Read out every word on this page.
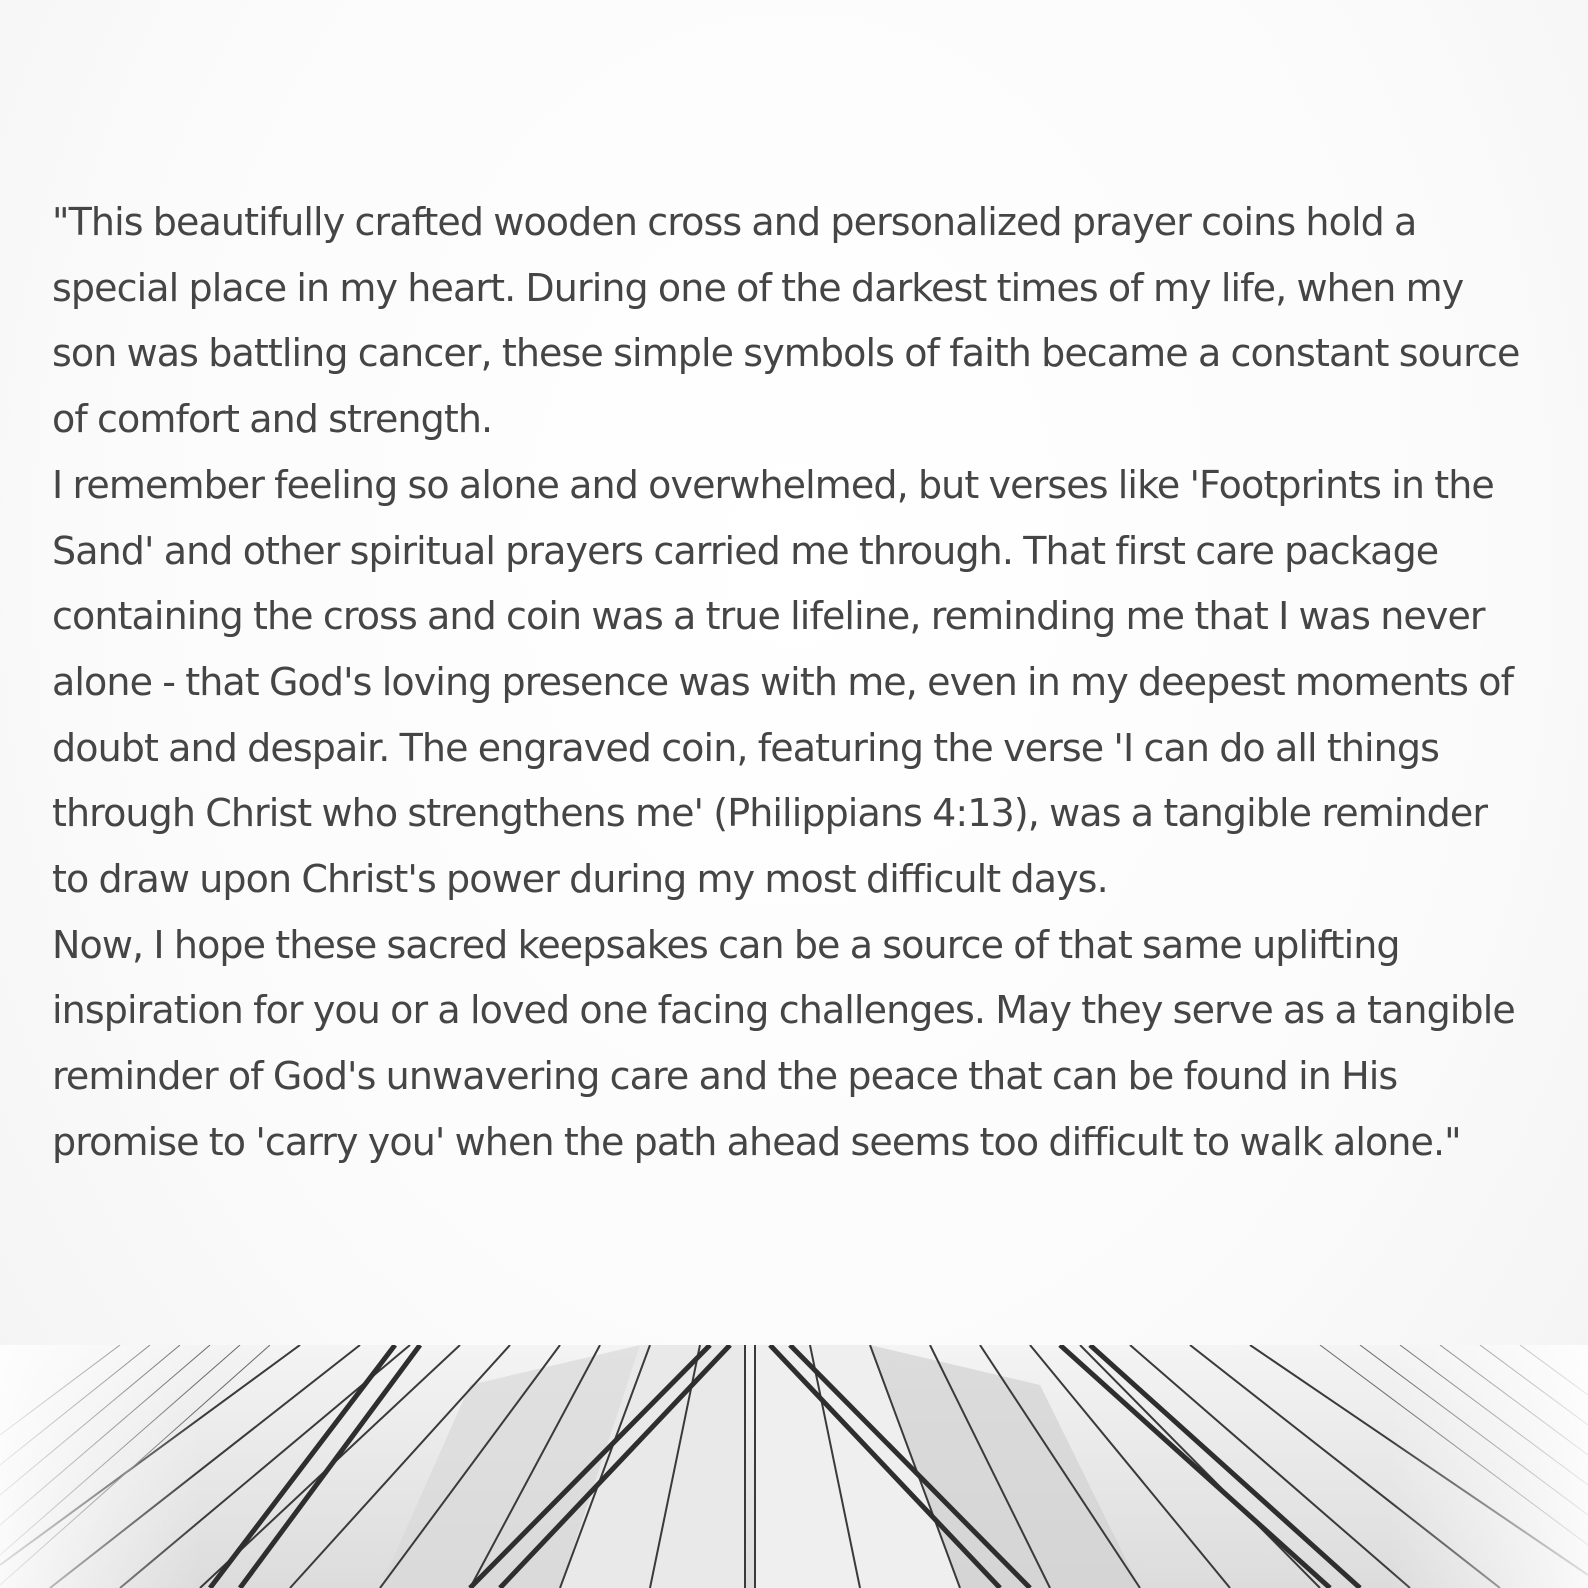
"This beautifully crafted wooden cross and personalized prayer coins hold a special place in my heart. During one of the darkest times of my life, when my son was battling cancer, these simple symbols of faith became a constant source of comfort and strength.

I remember feeling so alone and overwhelmed, but verses like 'Footprints in the Sand' and other spiritual prayers carried me through. That first care package containing the cross and coin was a true lifeline, reminding me that I was never alone - that God's loving presence was with me, even in my deepest moments of doubt and despair. The engraved coin, featuring the verse 'I can do all things through Christ who strengthens me' (Philippians 4:13), was a tangible reminder to draw upon Christ's power during my most difficult days.

Now, I hope these sacred keepsakes can be a source of that same uplifting inspiration for you or a loved one facing challenges. May they serve as a tangible reminder of God's unwavering care and the peace that can be found in His promise to 'carry you' when the path ahead seems too difficult to walk alone."
